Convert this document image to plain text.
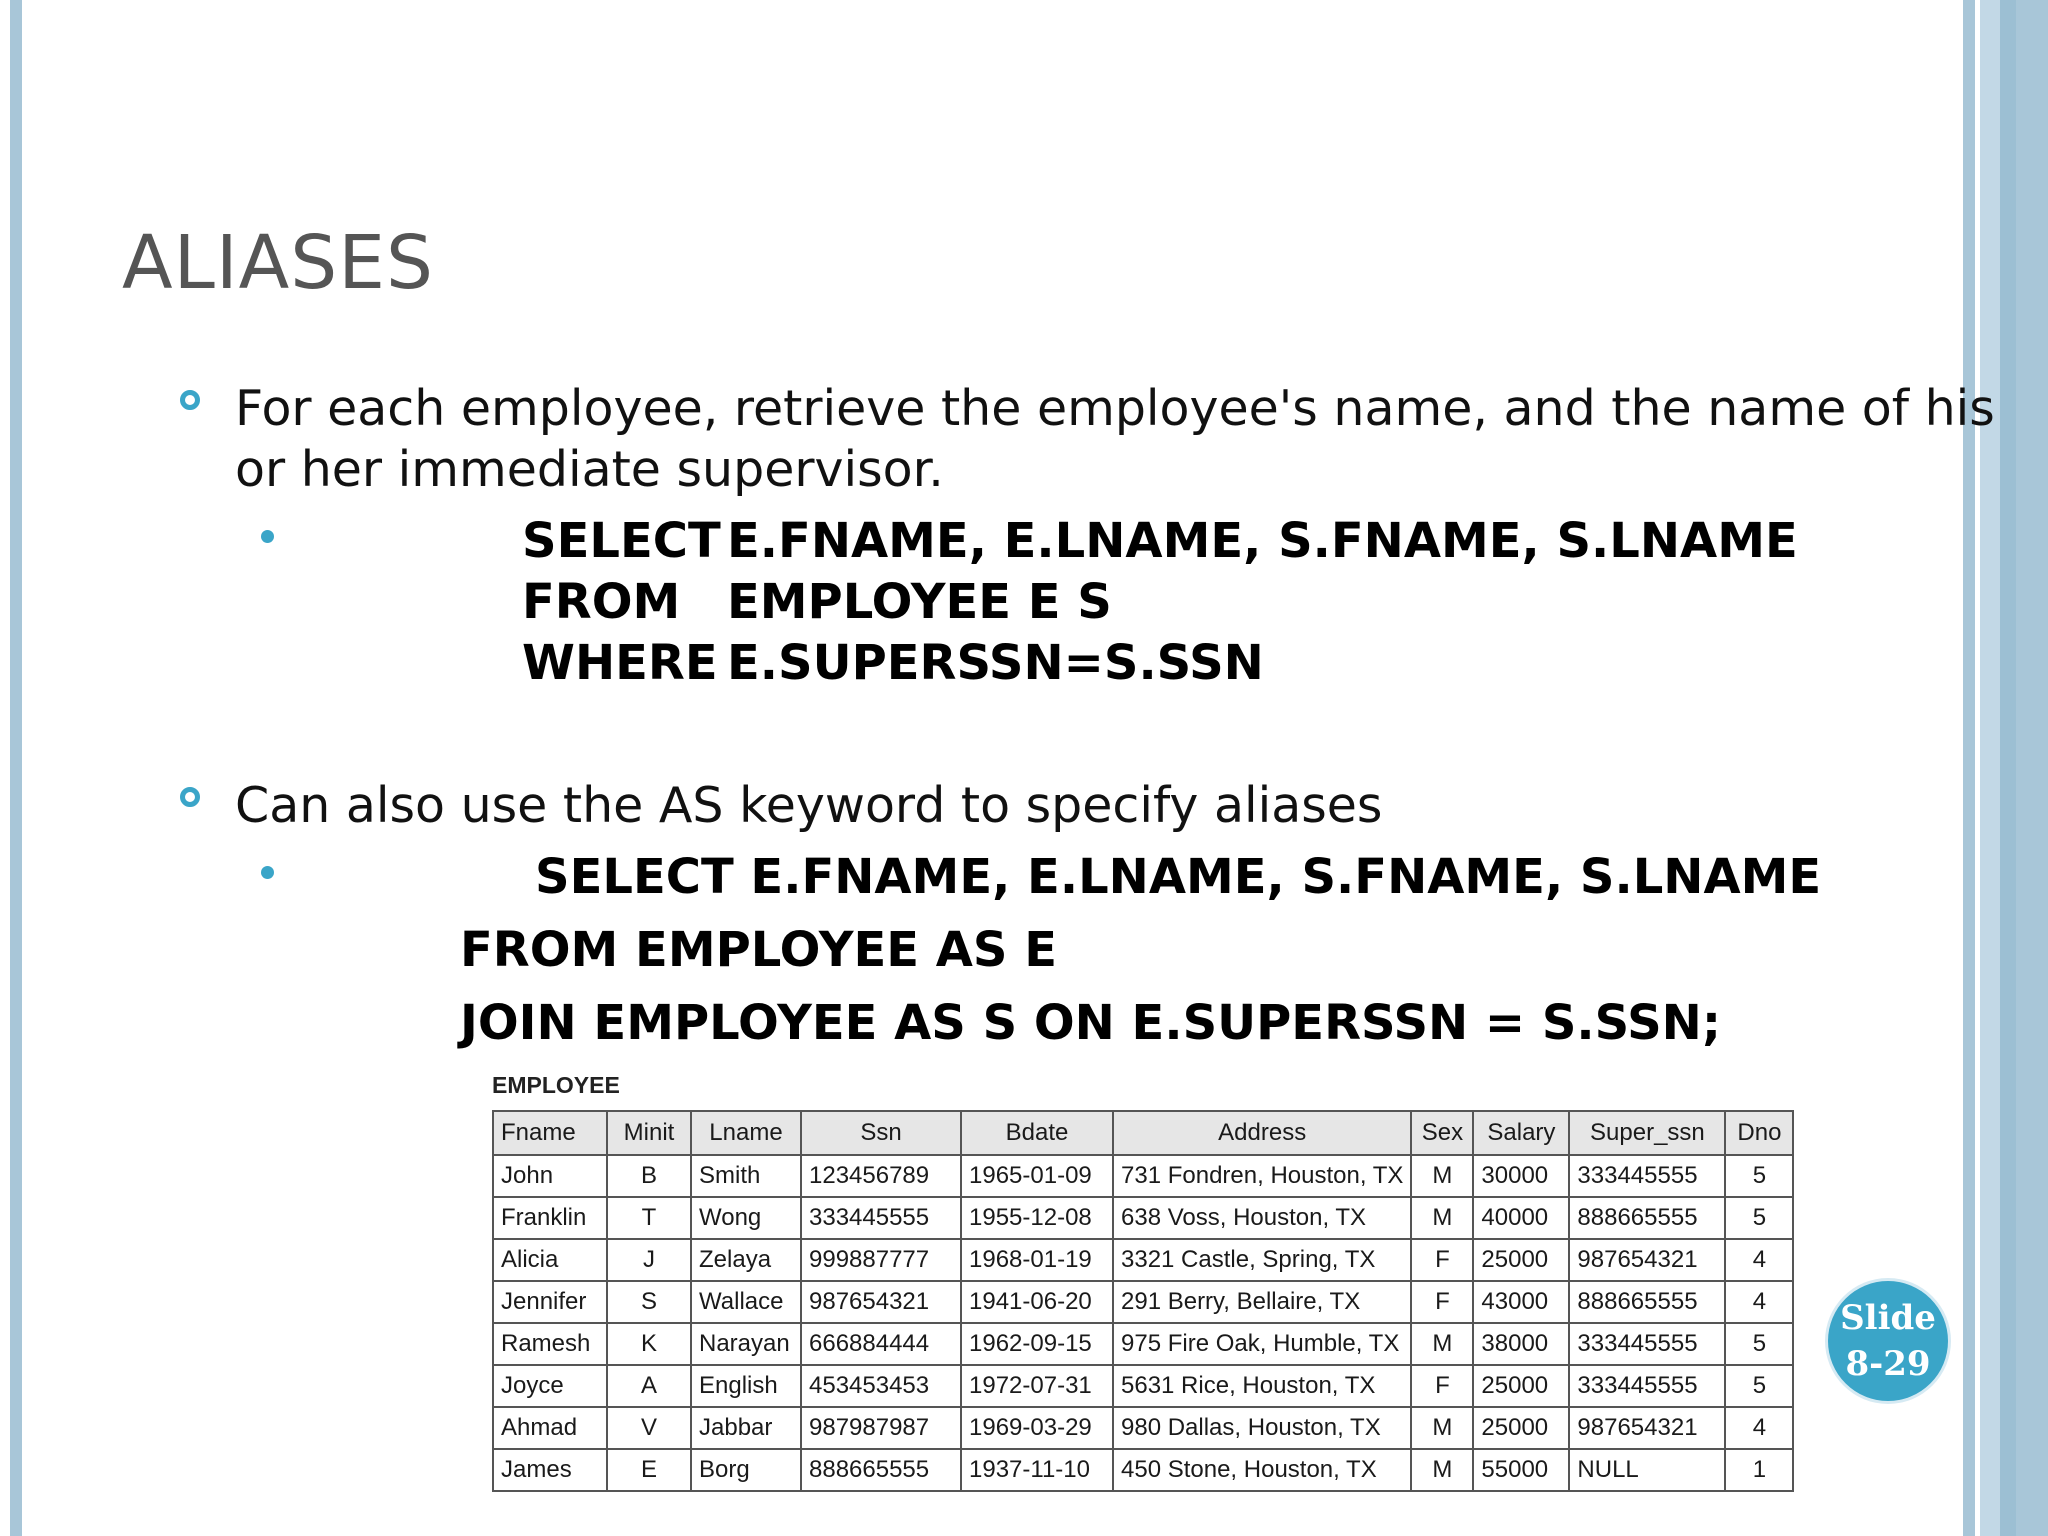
ALIASES
For each employee, retrieve the employee's name, and the name of his
or her immediate supervisor.
SELECT E.FNAME, E.LNAME, S.FNAME, S.LNAME
FROM EMPLOYEE E S
WHERE E.SUPERSSN=S.SSN
Can also use the AS keyword to specify aliases
SELECT E.FNAME, E.LNAME, S.FNAME, S.LNAME
FROM EMPLOYEE AS E
JOIN EMPLOYEE AS S ON E.SUPERSSN = S.SSN;
EMPLOYEE
Fname	Minit	Lname	Ssn	Bdate	Address	Sex	Salary	Super_ssn	Dno
John	B	Smith	123456789	1965-01-09	731 Fondren, Houston, TX	M	30000	333445555	5
Franklin	T	Wong	333445555	1955-12-08	638 Voss, Houston, TX	M	40000	888665555	5
Alicia	J	Zelaya	999887777	1968-01-19	3321 Castle, Spring, TX	F	25000	987654321	4
Jennifer	S	Wallace	987654321	1941-06-20	291 Berry, Bellaire, TX	F	43000	888665555	4
Ramesh	K	Narayan	666884444	1962-09-15	975 Fire Oak, Humble, TX	M	38000	333445555	5
Joyce	A	English	453453453	1972-07-31	5631 Rice, Houston, TX	F	25000	333445555	5
Ahmad	V	Jabbar	987987987	1969-03-29	980 Dallas, Houston, TX	M	25000	987654321	4
James	E	Borg	888665555	1937-11-10	450 Stone, Houston, TX	M	55000	NULL	1
Slide
8-29
